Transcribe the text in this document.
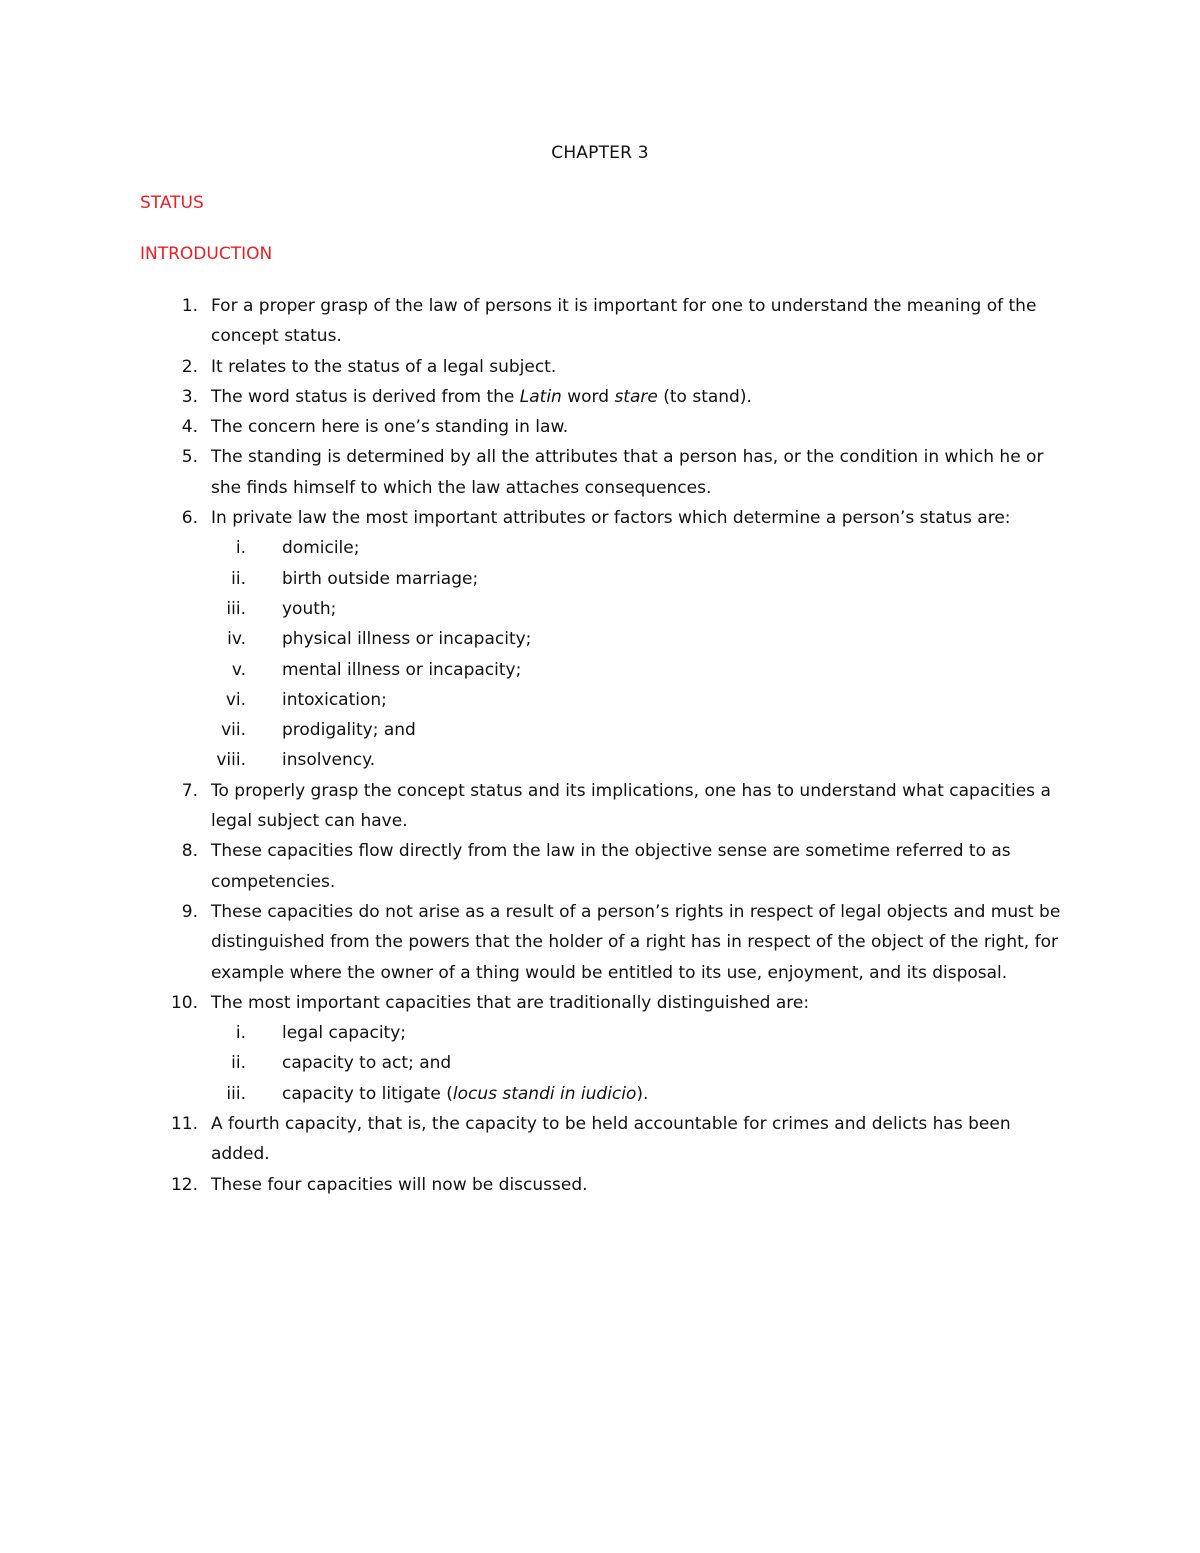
CHAPTER 3
STATUS
INTRODUCTION
1. For a proper grasp of the law of persons it is important for one to understand the meaning of the concept status.
2. It relates to the status of a legal subject.
3. The word status is derived from the Latin word stare (to stand).
4. The concern here is one’s standing in law.
5. The standing is determined by all the attributes that a person has, or the condition in which he or she finds himself to which the law attaches consequences.
6. In private law the most important attributes or factors which determine a person’s status are:
i. domicile;
ii. birth outside marriage;
iii. youth;
iv. physical illness or incapacity;
v. mental illness or incapacity;
vi. intoxication;
vii. prodigality; and
viii. insolvency.
7. To properly grasp the concept status and its implications, one has to understand what capacities a legal subject can have.
8. These capacities flow directly from the law in the objective sense are sometime referred to as competencies.
9. These capacities do not arise as a result of a person’s rights in respect of legal objects and must be distinguished from the powers that the holder of a right has in respect of the object of the right, for example where the owner of a thing would be entitled to its use, enjoyment, and its disposal.
10. The most important capacities that are traditionally distinguished are:
i. legal capacity;
ii. capacity to act; and
iii. capacity to litigate (locus standi in iudicio).
11. A fourth capacity, that is, the capacity to be held accountable for crimes and delicts has been added.
12. These four capacities will now be discussed.
